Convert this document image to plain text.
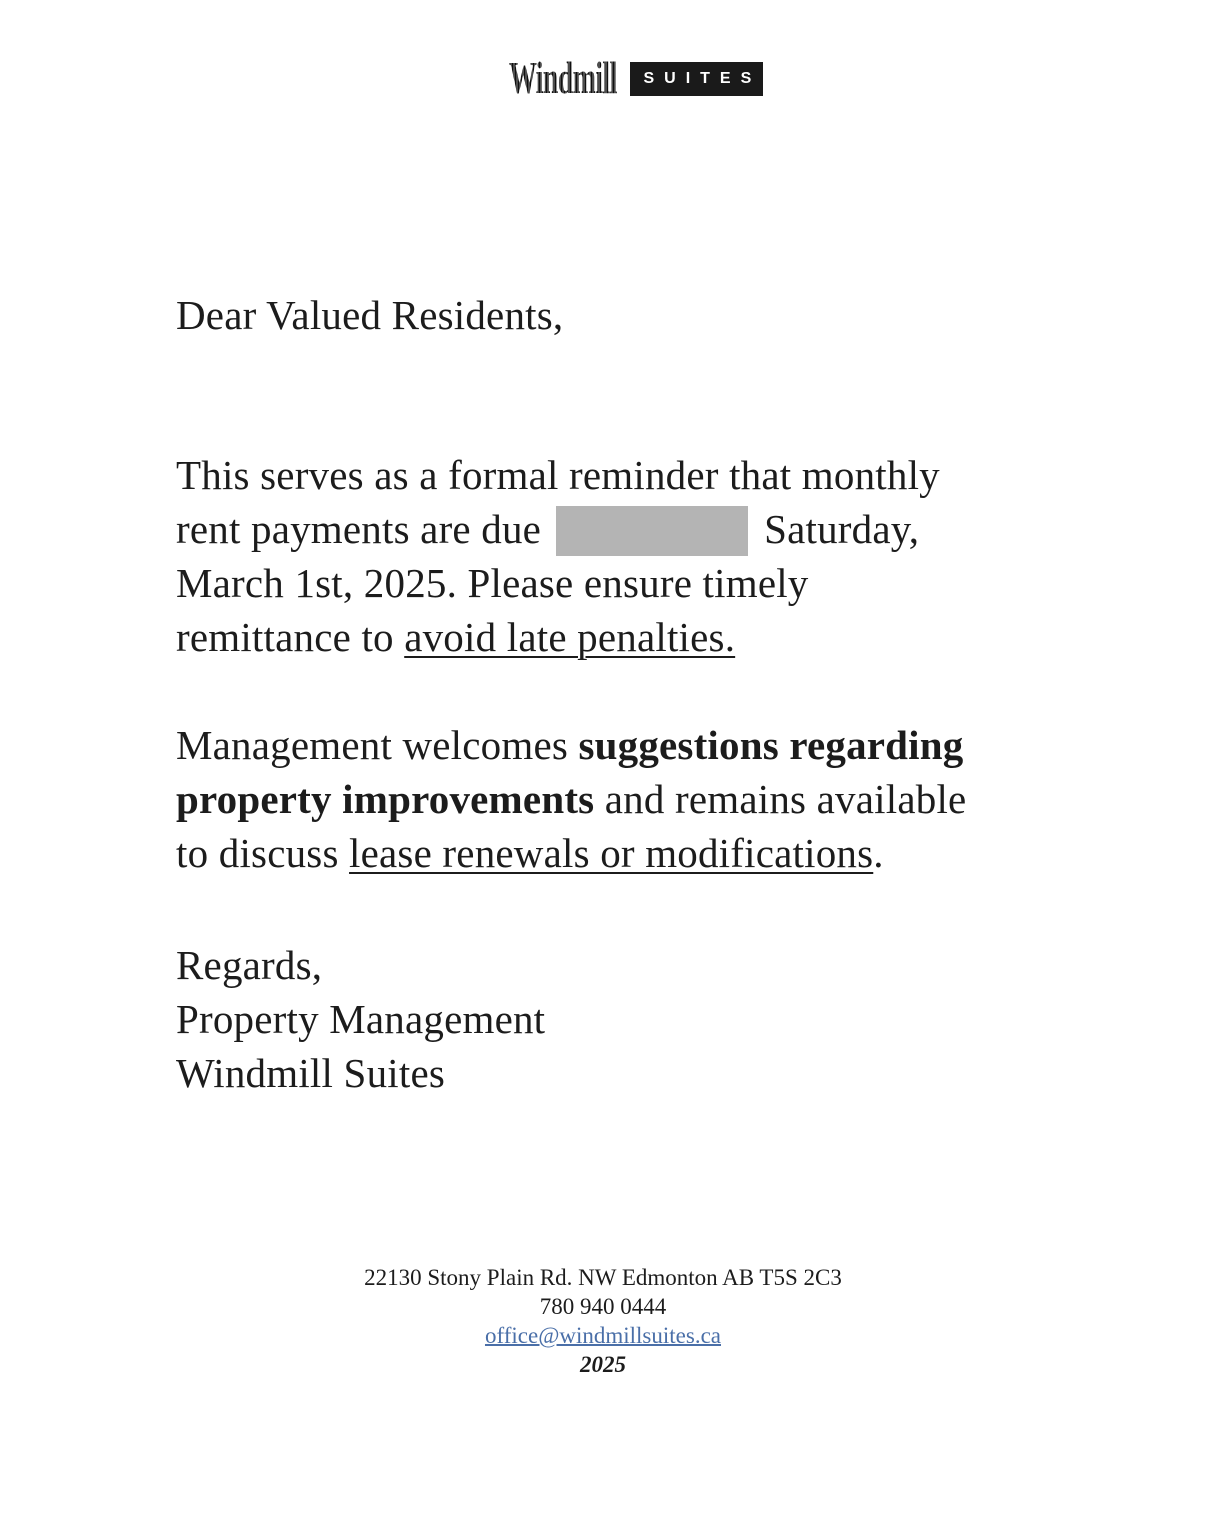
Windmill	SUITES

Dear Valued Residents,

This serves as a formal reminder that monthly
rent payments are due	Saturday,
March 1st, 2025. Please ensure timely
remittance to avoid late penalties.
Management welcomes suggestions regarding
property improvements and remains available
to discuss lease renewals or modifications.
Regards,
Property Management
Windmill Suites
22130 Stony Plain Rd. NW Edmonton AB T5S 2C3
780 940 0444
office@windmillsuites.ca
2025
